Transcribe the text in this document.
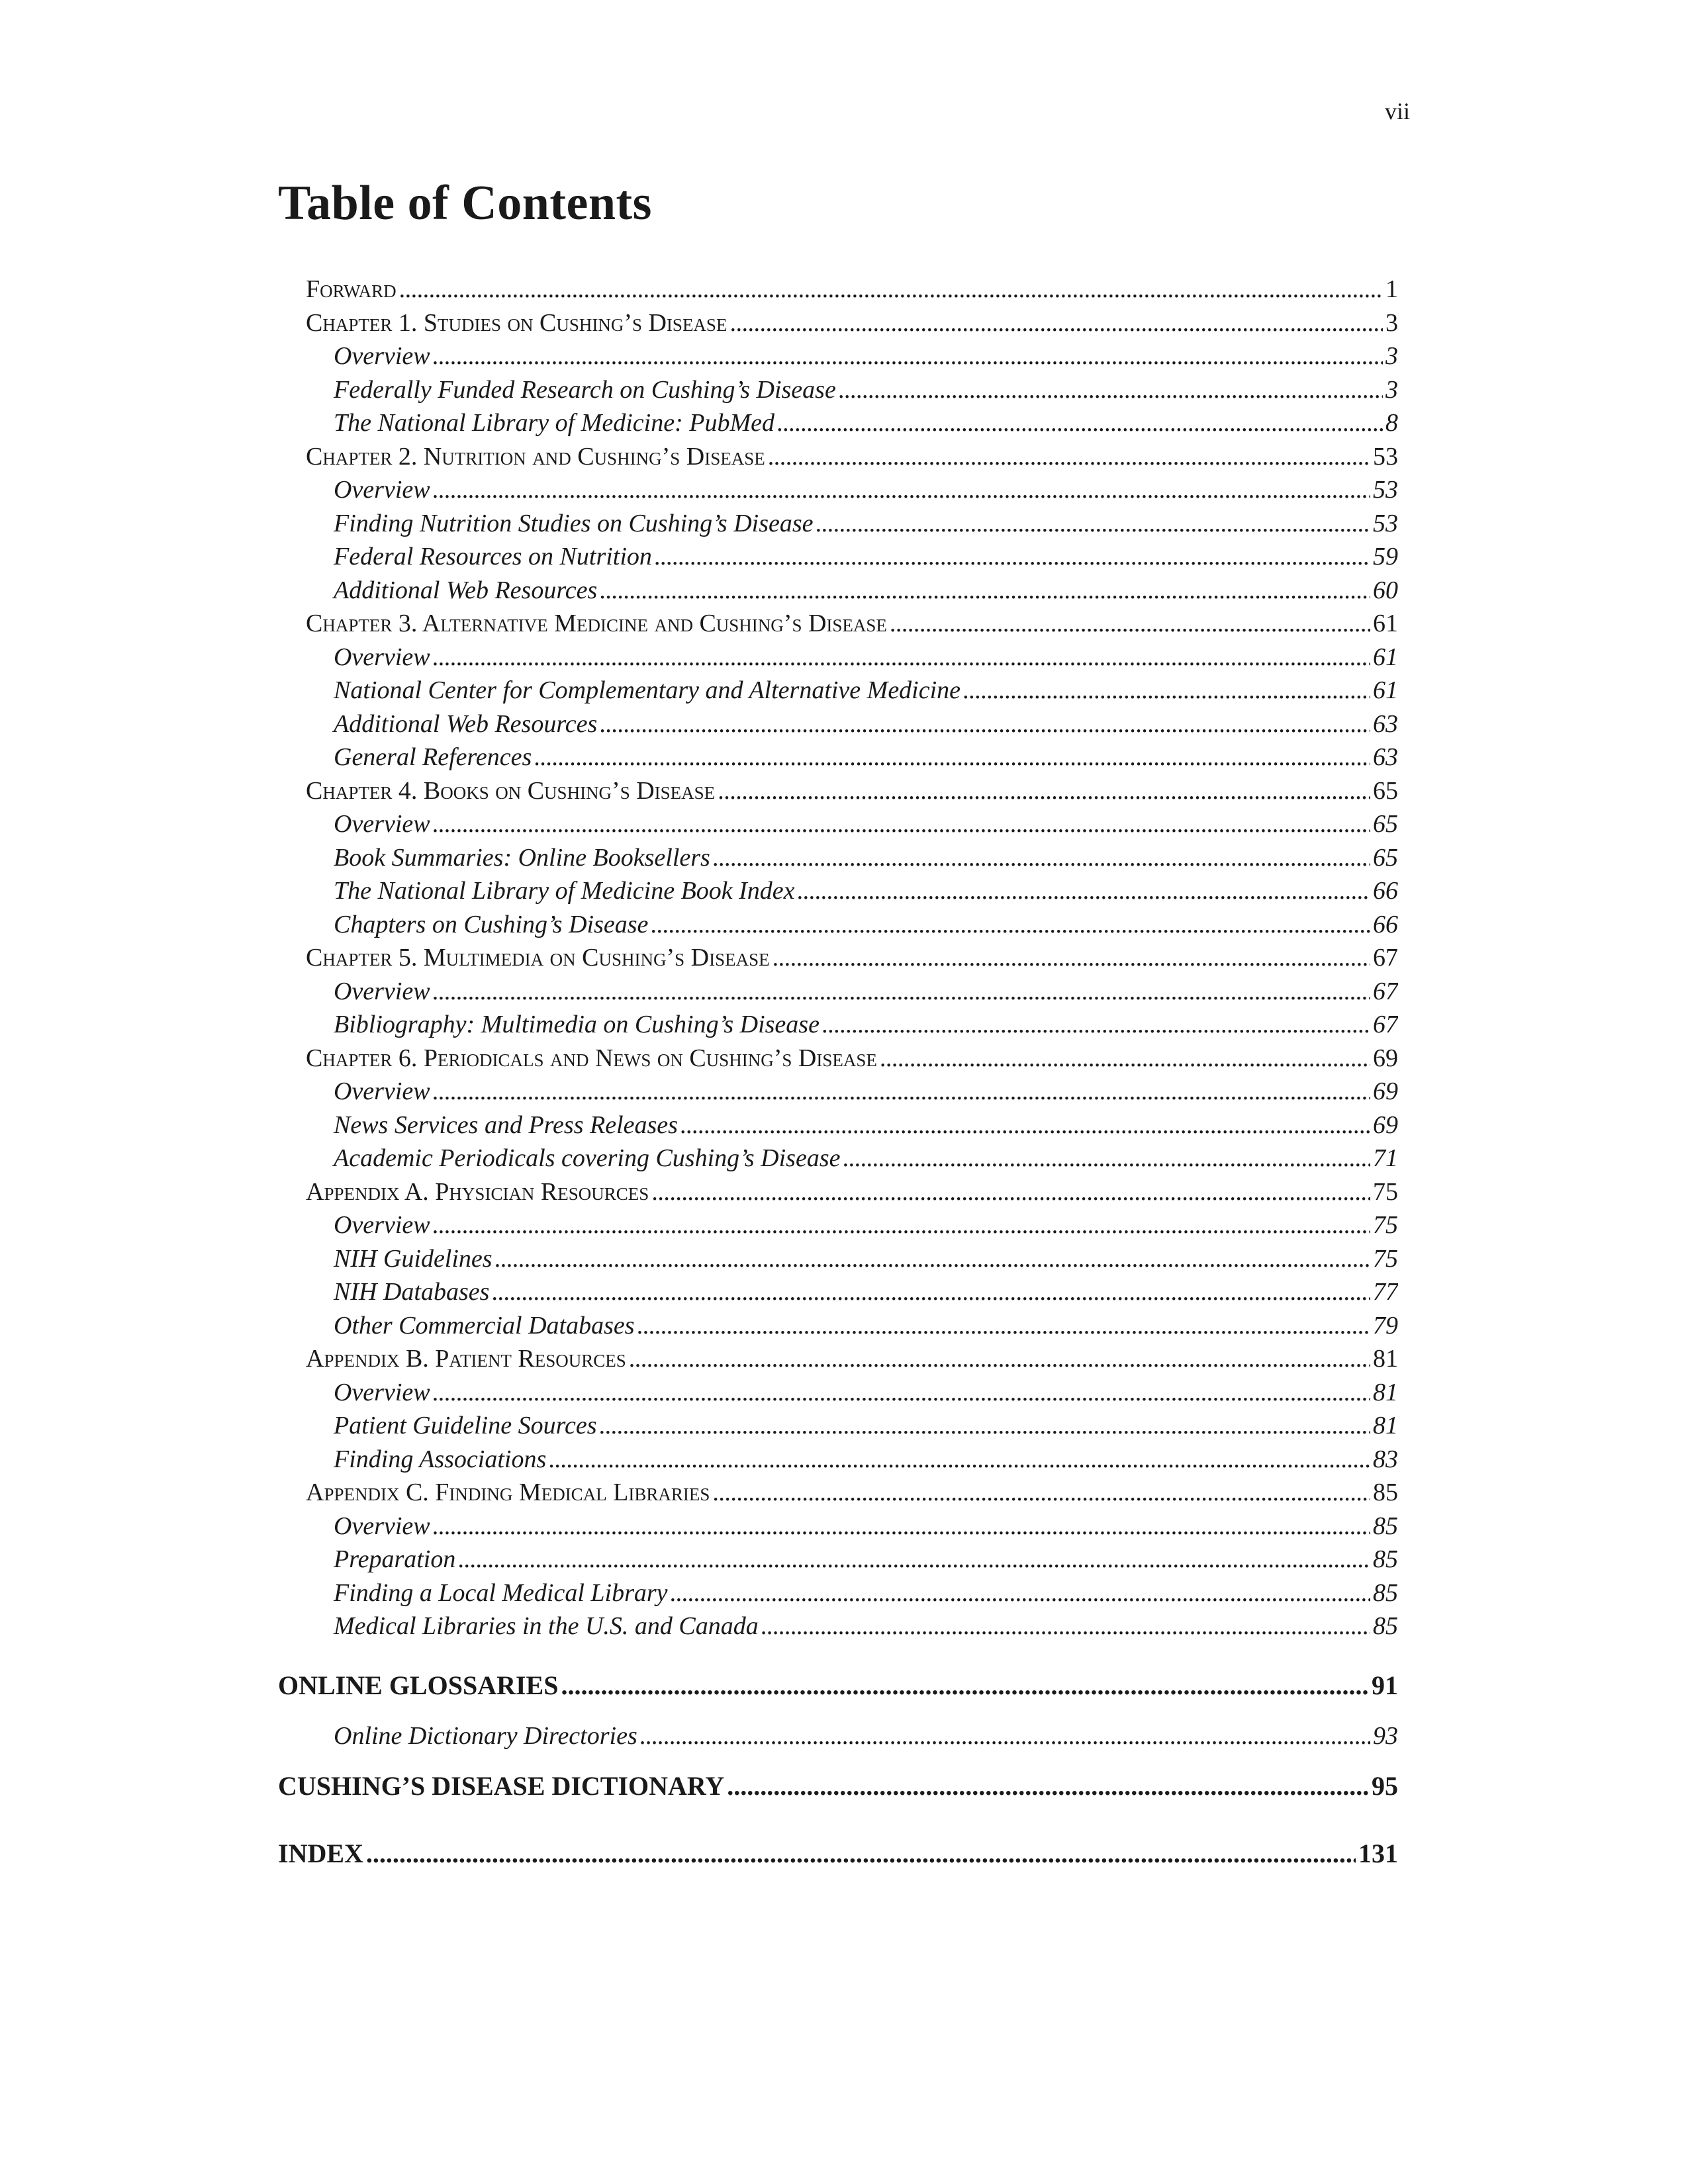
vii
Table of Contents
Forward . . .	1
Chapter 1. Studies on Cushing’s Disease . . .	3
Overview . . .	3
Federally Funded Research on Cushing’s Disease . . .	3
The National Library of Medicine: PubMed . . .	8
Chapter 2. Nutrition and Cushing’s Disease . . .	53
Overview . . .	53
Finding Nutrition Studies on Cushing’s Disease . . .	53
Federal Resources on Nutrition . . .	59
Additional Web Resources . . .	60
Chapter 3. Alternative Medicine and Cushing’s Disease . . .	61
Overview . . .	61
National Center for Complementary and Alternative Medicine . . .	61
Additional Web Resources . . .	63
General References . . .	63
Chapter 4. Books on Cushing’s Disease . . .	65
Overview . . .	65
Book Summaries: Online Booksellers . . .	65
The National Library of Medicine Book Index . . .	66
Chapters on Cushing’s Disease . . .	66
Chapter 5. Multimedia on Cushing’s Disease . . .	67
Overview . . .	67
Bibliography: Multimedia on Cushing’s Disease . . .	67
Chapter 6. Periodicals and News on Cushing’s Disease . . .	69
Overview . . .	69
News Services and Press Releases . . .	69
Academic Periodicals covering Cushing’s Disease . . .	71
Appendix A. Physician Resources . . .	75
Overview . . .	75
NIH Guidelines . . .	75
NIH Databases . . .	77
Other Commercial Databases . . .	79
Appendix B. Patient Resources . . .	81
Overview . . .	81
Patient Guideline Sources . . .	81
Finding Associations . . .	83
Appendix C. Finding Medical Libraries . . .	85
Overview . . .	85
Preparation . . .	85
Finding a Local Medical Library . . .	85
Medical Libraries in the U.S. and Canada . . .	85
ONLINE GLOSSARIES . . .	91
Online Dictionary Directories . . .	93
CUSHING’S DISEASE DICTIONARY . . .	95
INDEX . . .	131
